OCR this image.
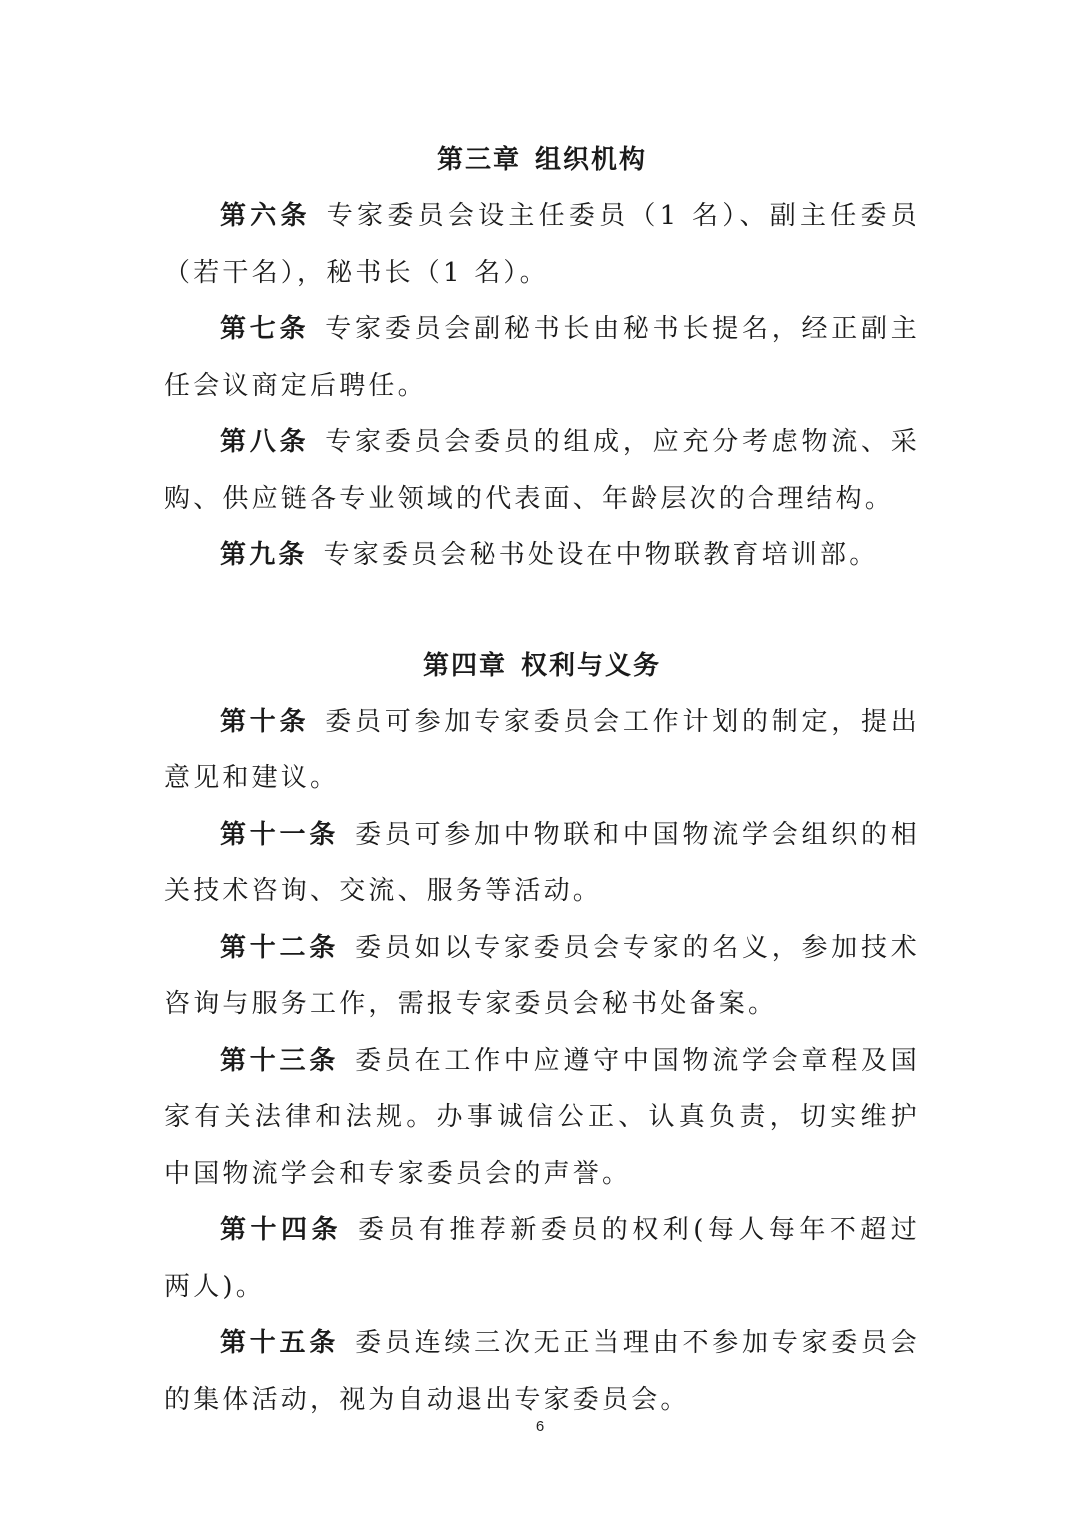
第三章 组织机构

第六条 专家委员会设主任委员（1 名）、副主任委员（若干名），秘书长（1 名）。

第七条 专家委员会副秘书长由秘书长提名，经正副主任会议商定后聘任。

第八条 专家委员会委员的组成，应充分考虑物流、采购、供应链各专业领域的代表面、年龄层次的合理结构。

第九条 专家委员会秘书处设在中物联教育培训部。

第四章 权利与义务

第十条 委员可参加专家委员会工作计划的制定，提出意见和建议。

第十一条 委员可参加中物联和中国物流学会组织的相关技术咨询、交流、服务等活动。

第十二条 委员如以专家委员会专家的名义，参加技术咨询与服务工作，需报专家委员会秘书处备案。

第十三条 委员在工作中应遵守中国物流学会章程及国家有关法律和法规。办事诚信公正、认真负责，切实维护中国物流学会和专家委员会的声誉。

第十四条 委员有推荐新委员的权利(每人每年不超过两人)。

第十五条 委员连续三次无正当理由不参加专家委员会的集体活动，视为自动退出专家委员会。

6
